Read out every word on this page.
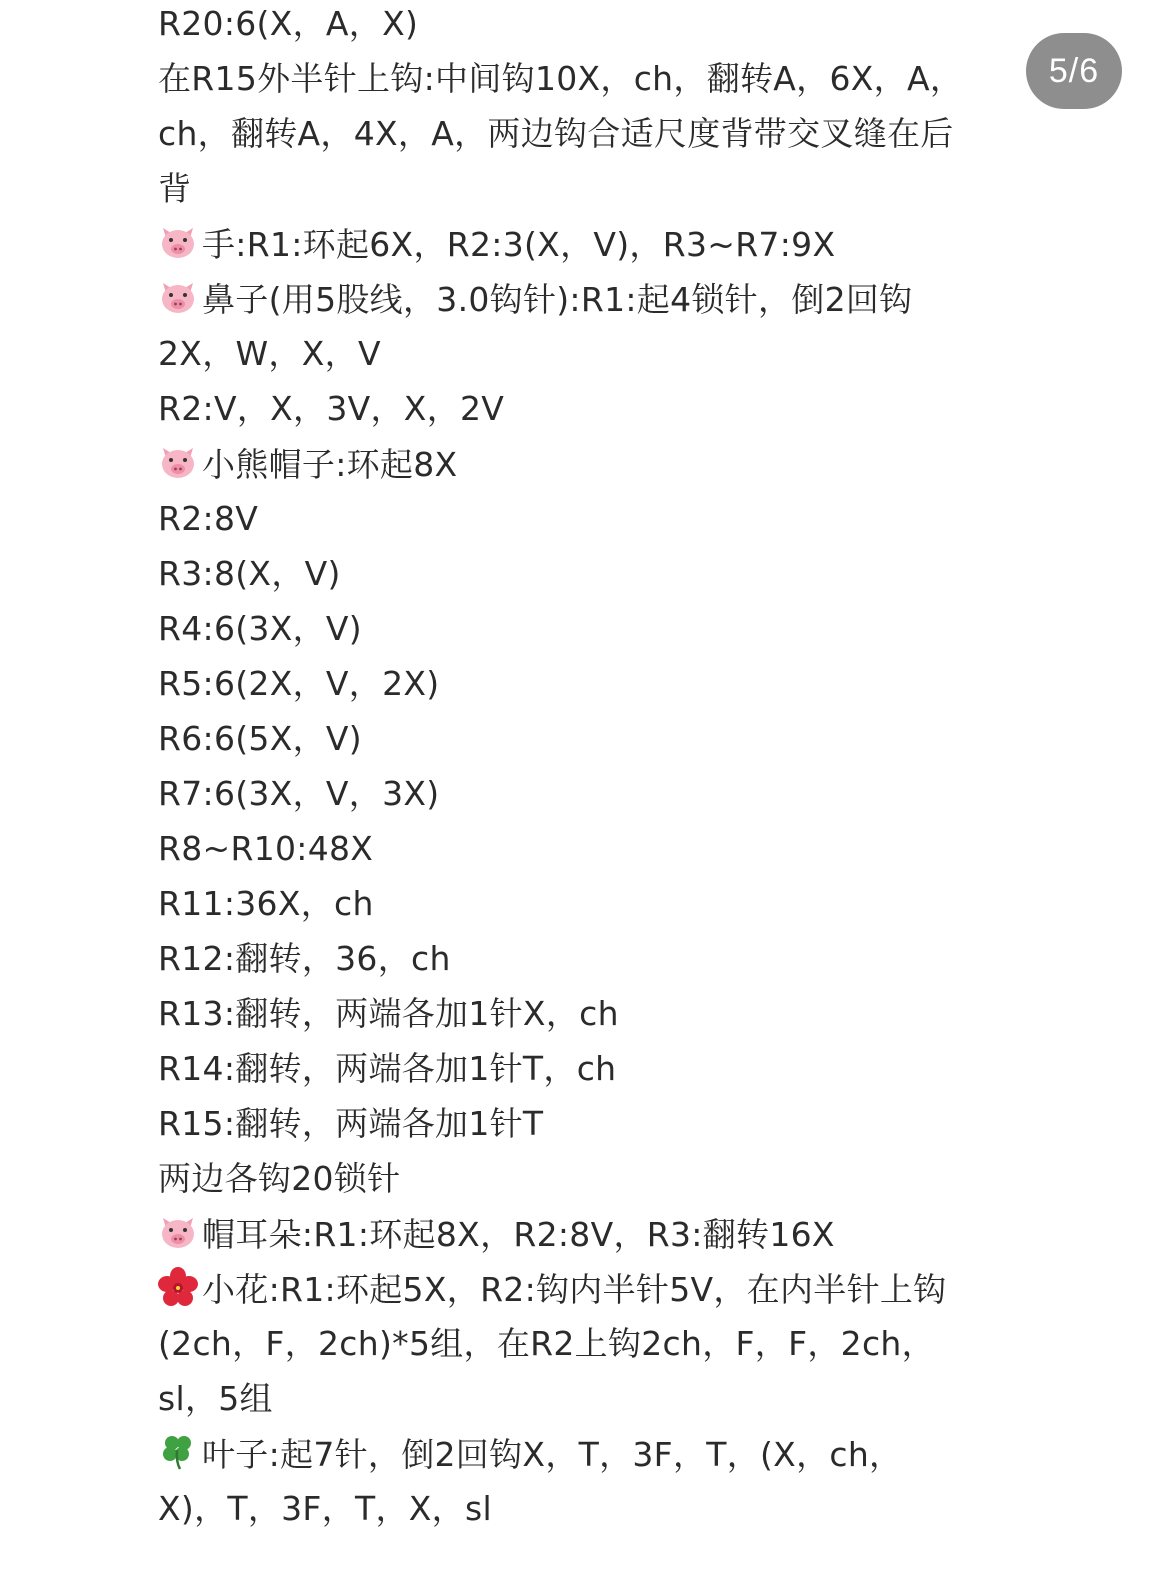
R20:6(X，A，X)
在R15外半针上钩:中间钩10X，ch，翻转A，6X，A，
ch，翻转A，4X，A，两边钩合适尺度背带交叉缝在后
背
手:R1:环起6X，R2:3(X，V)，R3~R7:9X
鼻子(用5股线，3.0钩针):R1:起4锁针，倒2回钩
2X，W，X，V
R2:V，X，3V，X，2V
小熊帽子:环起8X
R2:8V
R3:8(X，V)
R4:6(3X，V)
R5:6(2X，V，2X)
R6:6(5X，V)
R7:6(3X，V，3X)
R8~R10:48X
R11:36X，ch
R12:翻转，36，ch
R13:翻转，两端各加1针X，ch
R14:翻转，两端各加1针T，ch
R15:翻转，两端各加1针T
两边各钩20锁针
帽耳朵:R1:环起8X，R2:8V，R3:翻转16X
小花:R1:环起5X，R2:钩内半针5V，在内半针上钩
(2ch，F，2ch)*5组，在R2上钩2ch，F，F，2ch，
sl，5组
叶子:起7针，倒2回钩X，T，3F，T，(X，ch，
X)，T，3F，T，X，sl
5/6
